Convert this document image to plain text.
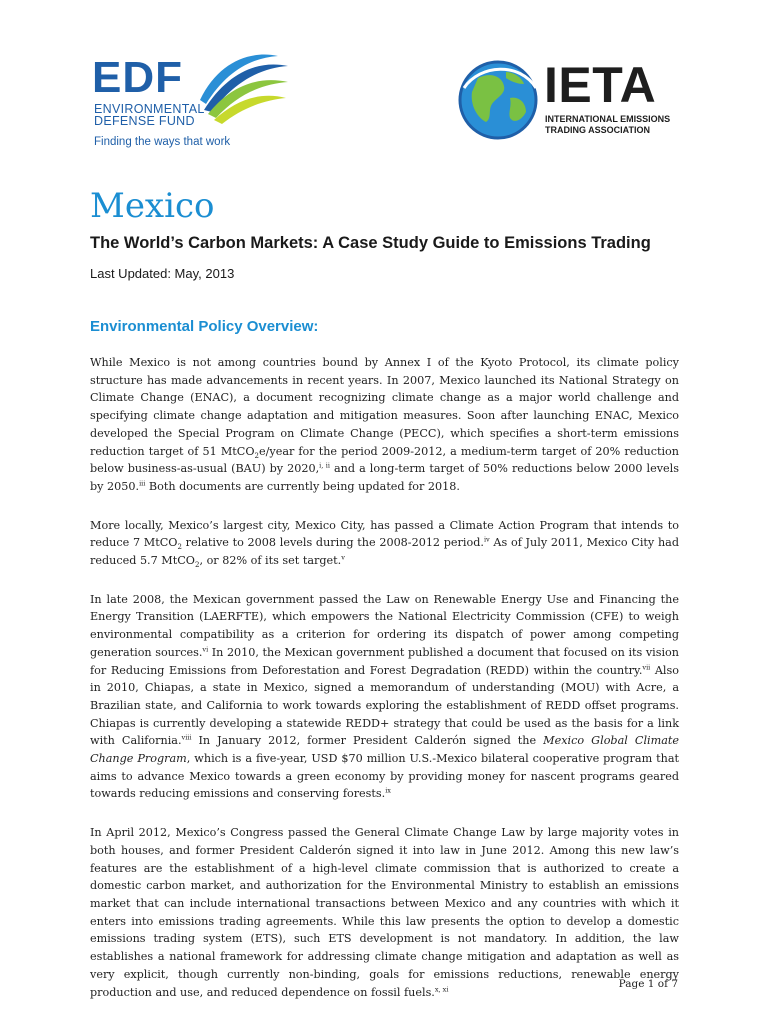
EDF
ENVIRONMENTAL
DEFENSE FUND
Finding the ways that work
IETA
INTERNATIONAL EMISSIONS
TRADING ASSOCIATION
Mexico
The World’s Carbon Markets: A Case Study Guide to Emissions Trading
Last Updated: May, 2013
Environmental Policy Overview:

While Mexico is not among countries bound by Annex I of the Kyoto Protocol, its climate policy structure has made advancements in recent years. In 2007, Mexico launched its National Strategy on Climate Change (ENAC), a document recognizing climate change as a major world challenge and specifying climate change adaptation and mitigation measures. Soon after launching ENAC, Mexico developed the Special Program on Climate Change (PECC), which specifies a short-term emissions reduction target of 51 MtCO$_2$e/year for the period 2009-2012, a medium-term target of 20% reduction below business-as-usual (BAU) by 2020,$^{i, ii}$ and a long-term target of 50% reductions below 2000 levels by 2050.$^{iii}$ Both documents are currently being updated for 2018.

More locally, Mexico’s largest city, Mexico City, has passed a Climate Action Program that intends to reduce 7 MtCO$_2$ relative to 2008 levels during the 2008-2012 period.$^{iv}$ As of July 2011, Mexico City had reduced 5.7 MtCO$_2$, or 82% of its set target.$^v$

In late 2008, the Mexican government passed the Law on Renewable Energy Use and Financing the Energy Transition (LAERFTE), which empowers the National Electricity Commission (CFE) to weigh environmental compatibility as a criterion for ordering its dispatch of power among competing generation sources.$^{vi}$ In 2010, the Mexican government published a document that focused on its vision for Reducing Emissions from Deforestation and Forest Degradation (REDD) within the country.$^{vii}$ Also in 2010, Chiapas, a state in Mexico, signed a memorandum of understanding (MOU) with Acre, a Brazilian state, and California to work towards exploring the establishment of REDD offset programs. Chiapas is currently developing a statewide REDD+ strategy that could be used as the basis for a link with California.$^{viii}$ In January 2012, former President Calderón signed the Mexico Global Climate Change Program, which is a five-year, USD $70 million U.S.-Mexico bilateral cooperative program that aims to advance Mexico towards a green economy by providing money for nascent programs geared towards reducing emissions and conserving forests.$^{ix}$

In April 2012, Mexico’s Congress passed the General Climate Change Law by large majority votes in both houses, and former President Calderón signed it into law in June 2012. Among this new law’s features are the establishment of a high-level climate commission that is authorized to create a domestic carbon market, and authorization for the Environmental Ministry to establish an emissions market that can include international transactions between Mexico and any countries with which it enters into emissions trading agreements. While this law presents the option to develop a domestic emissions trading system (ETS), such ETS development is not mandatory. In addition, the law establishes a national framework for addressing climate change mitigation and adaptation as well as very explicit, though currently non-binding, goals for emissions reductions, renewable energy production and use, and reduced dependence on fossil fuels.$^{x, xi}$	Page 1 of 7
